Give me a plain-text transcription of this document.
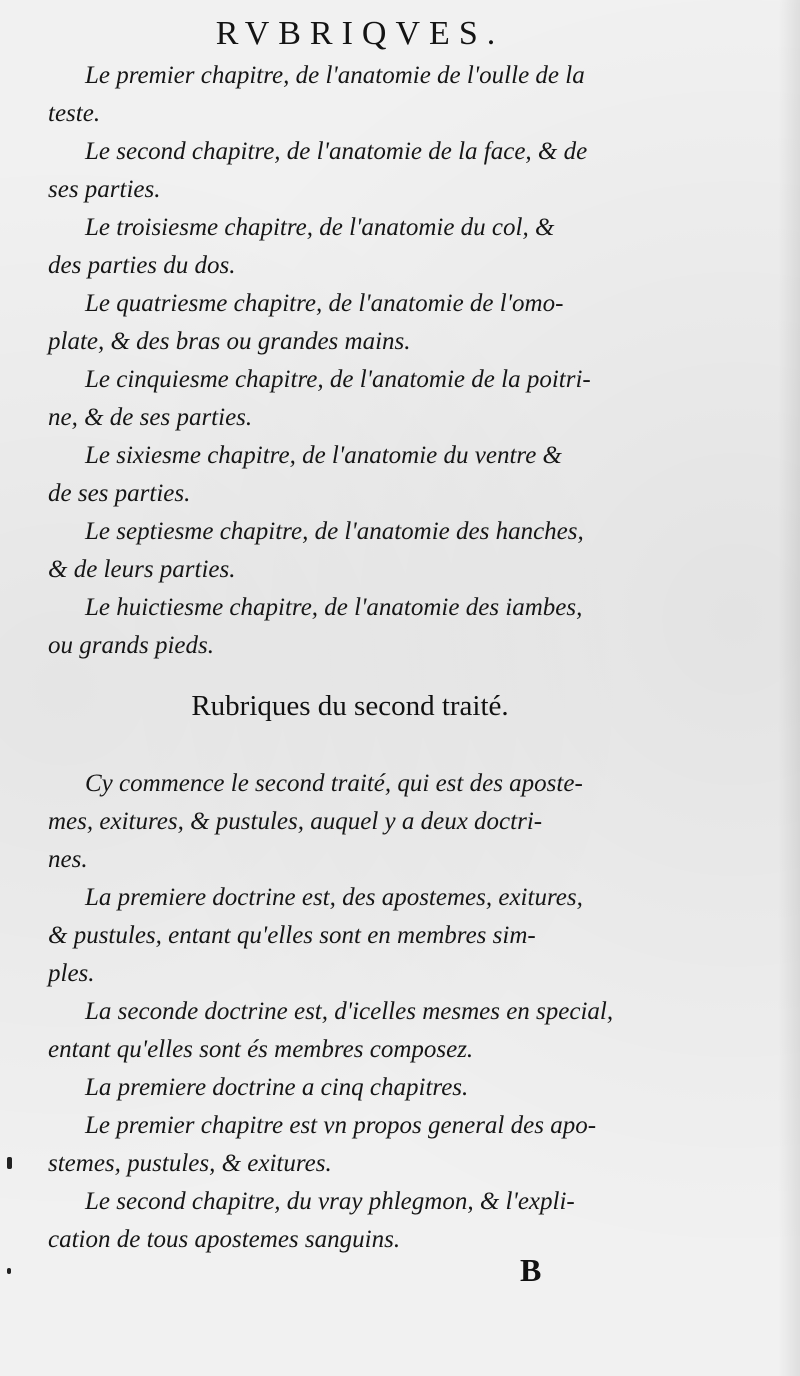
RVBRIQVES.
Le premier chapitre, de l'anatomie de l'oulle de la
teste.
Le second chapitre, de l'anatomie de la face, & de
ses parties.
Le troisiesme chapitre, de l'anatomie du col, &
des parties du dos.
Le quatriesme chapitre, de l'anatomie de l'omo-
plate, & des bras ou grandes mains.
Le cinquiesme chapitre, de l'anatomie de la poitri-
ne, & de ses parties.
Le sixiesme chapitre, de l'anatomie du ventre &
de ses parties.
Le septiesme chapitre, de l'anatomie des hanches,
& de leurs parties.
Le huictiesme chapitre, de l'anatomie des iambes,
ou grands pieds.
Rubriques du second traité.
Cy commence le second traité, qui est des aposte-
mes, exitures, & pustules, auquel y a deux doctri-
nes.
La premiere doctrine est, des apostemes, exitures,
& pustules, entant qu'elles sont en membres sim-
ples.
La seconde doctrine est, d'icelles mesmes en special,
entant qu'elles sont és membres composez.
La premiere doctrine a cinq chapitres.
Le premier chapitre est vn propos general des apo-
stemes, pustules, & exitures.
Le second chapitre, du vray phlegmon, & l'expli-
cation de tous apostemes sanguins.
B
